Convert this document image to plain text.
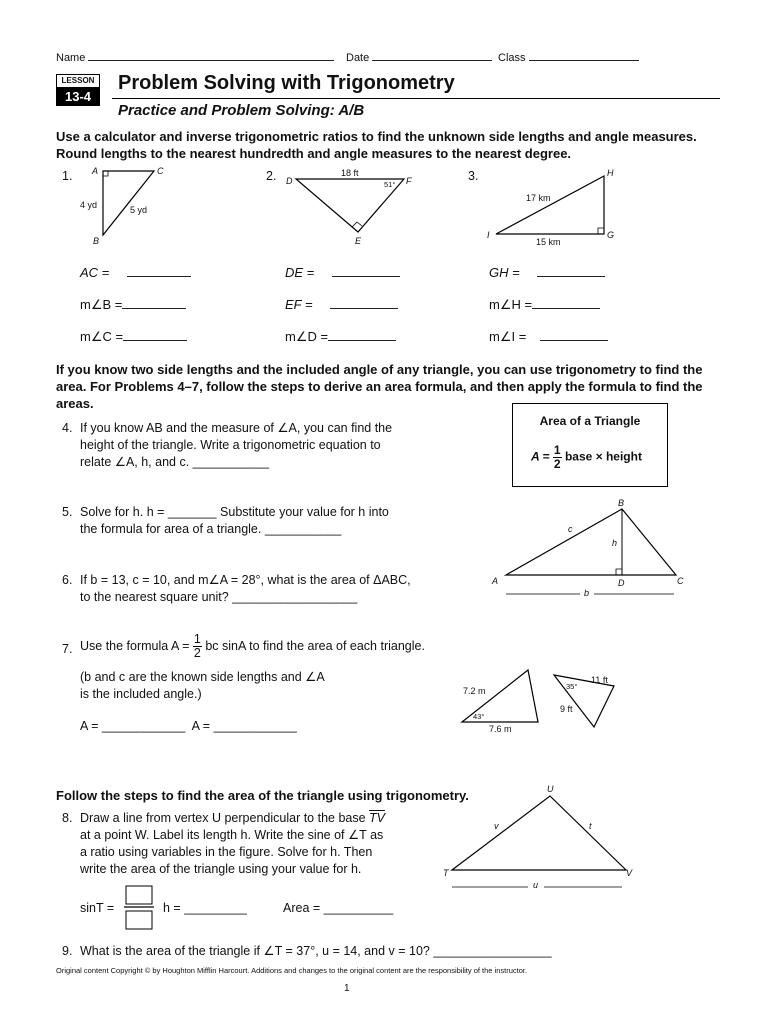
Name	Date	Class
LESSON
13-4
Problem Solving with Trigonometry
Practice and Problem Solving: A/B
Use a calculator and inverse trigonometric ratios to find the unknown side lengths and angle measures. Round lengths to the nearest hundredth and angle measures to the nearest degree.
1.	2.	3.
A	C
B
4 yd	5 yd
D	F
E
18 ft
51°
H
I	G
17 km
15 km
AC =
m∠B =
m∠C =
DE =
EF =
m∠D =
GH =
m∠H =
m∠I =
If you know two side lengths and the included angle of any triangle, you can use trigonometry to find the area. For Problems 4–7, follow the steps to derive an area formula, and then apply the formula to find the areas.
Area of a Triangle
$A = \frac{1}{2}$ base × height
4. If you know AB and the measure of ∠A, you can find the
height of the triangle. Write a trigonometric equation to
relate ∠A, h, and c. ___________
5. Solve for h. h = _______ Substitute your value for h into
the formula for area of a triangle. ___________
B
c
h
A	D	C
b
6. If b = 13, c = 10, and m∠A = 28°, what is the area of ΔABC,
to the nearest square unit? __________________
7. Use the formula $A = \frac{1}{2}$ bc sinA to find the area of each triangle.
(b and c are the known side lengths and ∠A
is the included angle.)
A = ____________  A = ____________
7.2 m
43°
7.6 m
11 ft
35°
9 ft
Follow the steps to find the area of the triangle using trigonometry.
8. Draw a line from vertex U perpendicular to the base $\overline{TV}$
at a point W. Label its length h. Write the sine of ∠T as
a ratio using variables in the figure. Solve for h. Then
write the area of the triangle using your value for h.
sinT =	h = _________	Area = __________
U
v	t
T	V
u
9. What is the area of the triangle if ∠T = 37°, u = 14, and v = 10? _________________
Original content Copyright © by Houghton Mifflin Harcourt. Additions and changes to the original content are the responsibility of the instructor.
1
